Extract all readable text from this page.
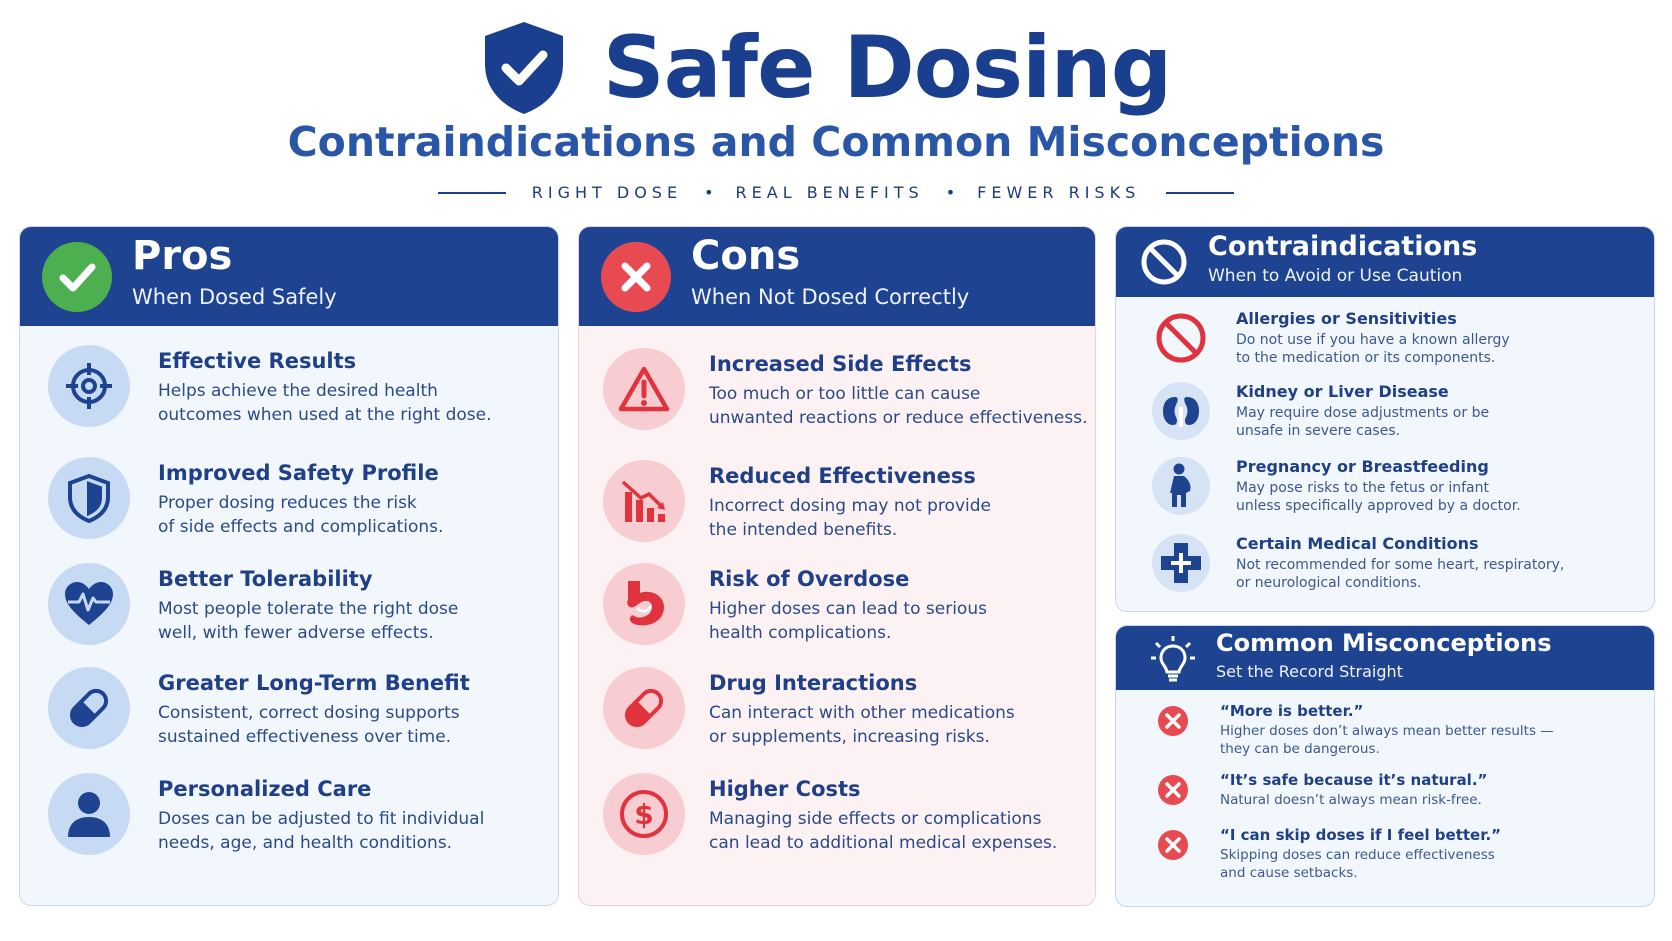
Safe Dosing
Contraindications and Common Misconceptions
RIGHT DOSE • REAL BENEFITS • FEWER RISKS
Pros
When Dosed Safely
Effective Results
Helps achieve the desired health
outcomes when used at the right dose.
Improved Safety Profile
Proper dosing reduces the risk
of side effects and complications.
Better Tolerability
Most people tolerate the right dose
well, with fewer adverse effects.
Greater Long-Term Benefit
Consistent, correct dosing supports
sustained effectiveness over time.
Personalized Care
Doses can be adjusted to fit individual
needs, age, and health conditions.
Cons
When Not Dosed Correctly
Increased Side Effects
Too much or too little can cause
unwanted reactions or reduce effectiveness.
Reduced Effectiveness
Incorrect dosing may not provide
the intended benefits.
Risk of Overdose
Higher doses can lead to serious
health complications.
Drug Interactions
Can interact with other medications
or supplements, increasing risks.
$
Higher Costs
Managing side effects or complications
can lead to additional medical expenses.
Contraindications
When to Avoid or Use Caution
Allergies or Sensitivities
Do not use if you have a known allergy
to the medication or its components.
Kidney or Liver Disease
May require dose adjustments or be
unsafe in severe cases.
Pregnancy or Breastfeeding
May pose risks to the fetus or infant
unless specifically approved by a doctor.
Certain Medical Conditions
Not recommended for some heart, respiratory,
or neurological conditions.
Common Misconceptions
Set the Record Straight
“More is better.”
Higher doses don’t always mean better results —
they can be dangerous.
“It’s safe because it’s natural.”
Natural doesn’t always mean risk-free.
“I can skip doses if I feel better.”
Skipping doses can reduce effectiveness
and cause setbacks.
